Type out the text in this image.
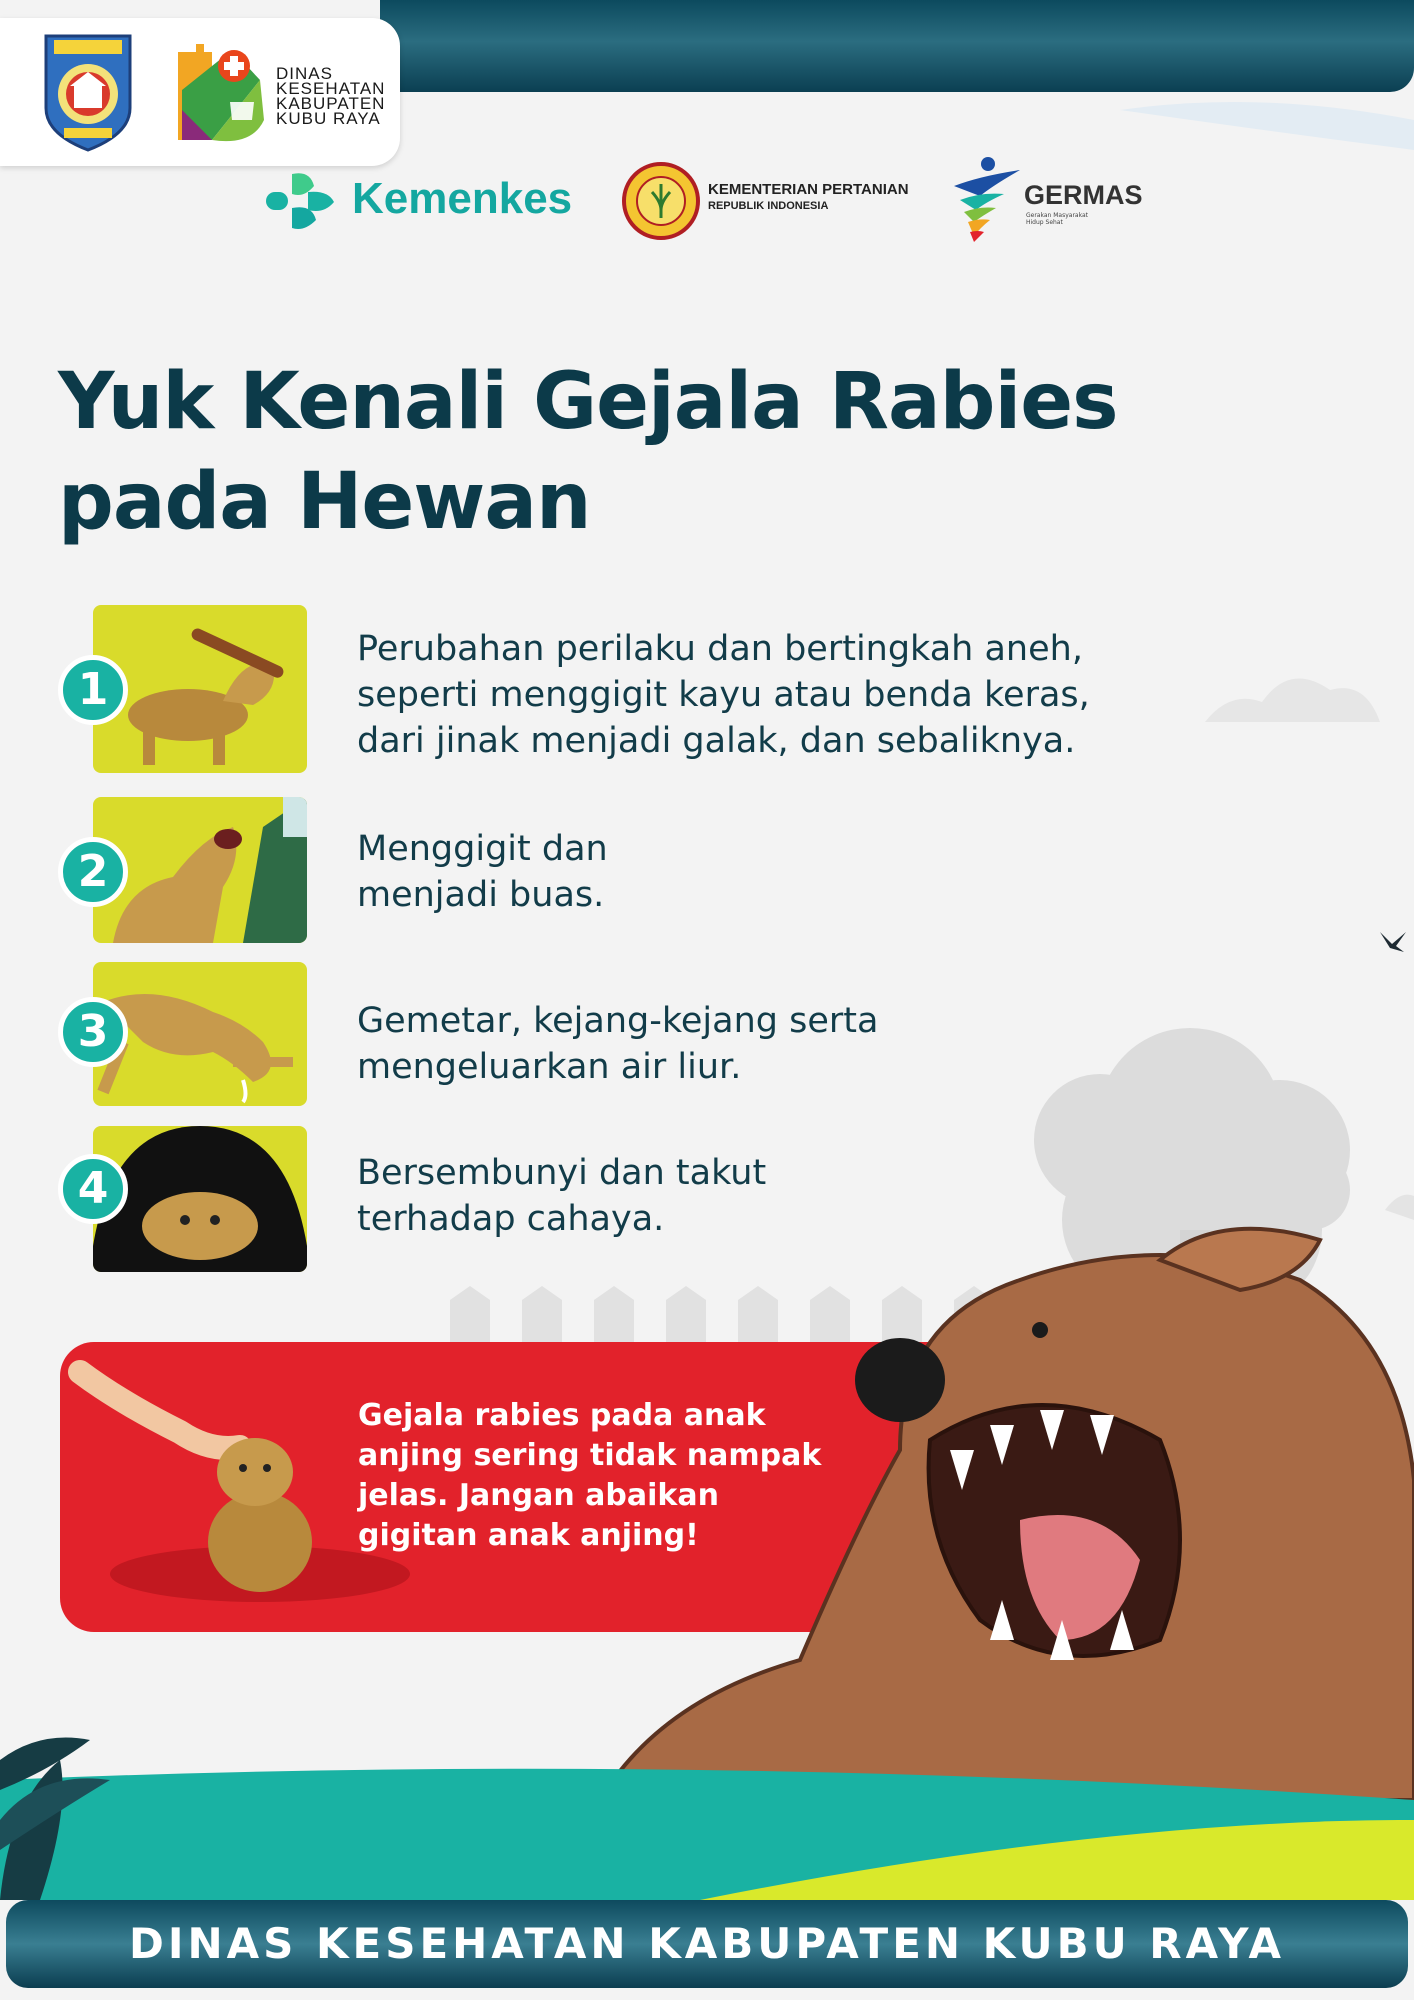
DINAS
KESEHATAN
KABUPATEN
KUBU RAYA
Kemenkes	KEMENTERIAN PERTANIAN
REPUBLIK INDONESIA	GERMAS
Gerakan Masyarakat Hidup Sehat
Yuk Kenali Gejala Rabies
pada Hewan
1
Perubahan perilaku dan bertingkah aneh,
seperti menggigit kayu atau benda keras,
dari jinak menjadi galak, dan sebaliknya.
2	Menggigit dan
menjadi buas.
3	Gemetar, kejang-kejang serta
mengeluarkan air liur.
4	Bersembunyi dan takut
terhadap cahaya.
Gejala rabies pada anak
anjing sering tidak nampak
jelas. Jangan abaikan
gigitan anak anjing!
DINAS KESEHATAN KABUPATEN KUBU RAYA
